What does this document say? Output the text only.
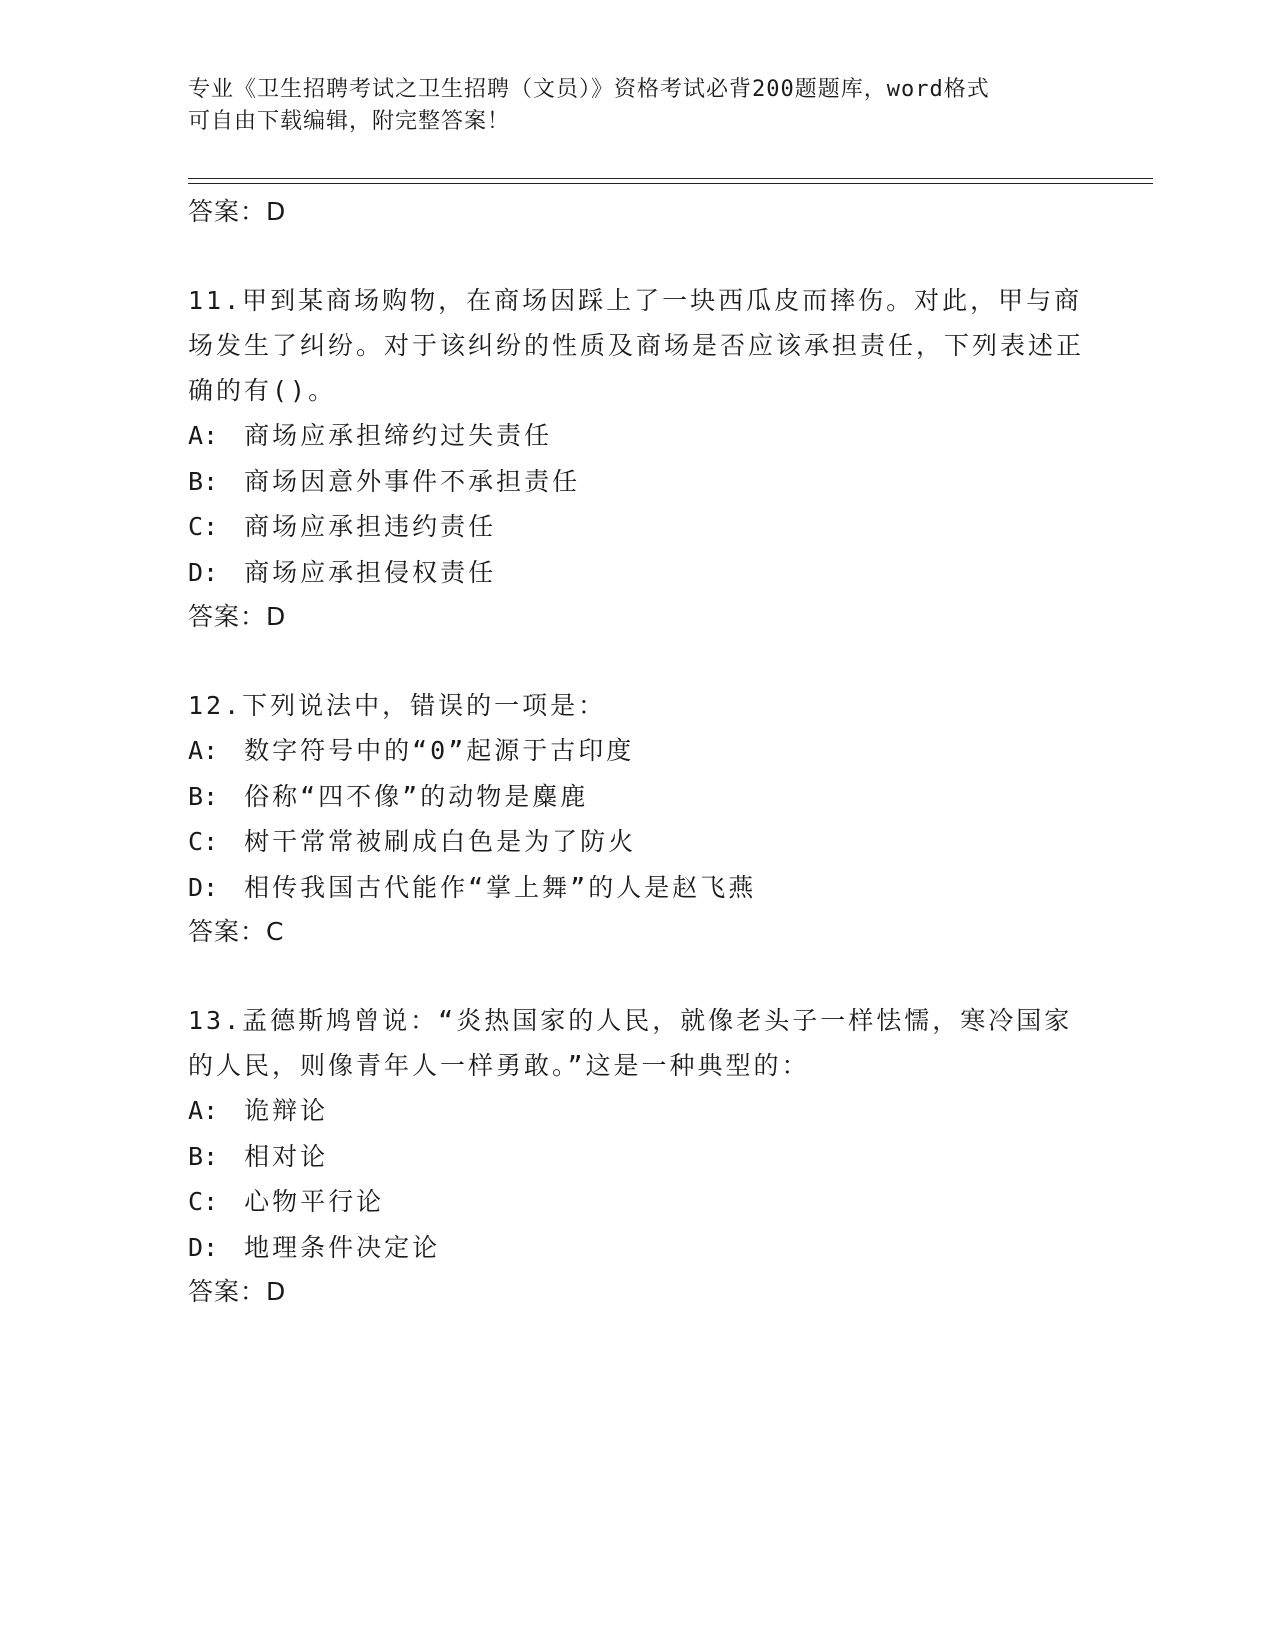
专业《卫生招聘考试之卫生招聘（文员）》资格考试必背200题题库，word格式
可自由下载编辑，附完整答案！

答案：D

11.甲到某商场购物，在商场因踩上了一块西瓜皮而摔伤。对此，甲与商场发生了纠纷。对于该纠纷的性质及商场是否应该承担责任，下列表述正确的有()。

A: 商场应承担缔约过失责任

B: 商场因意外事件不承担责任

C: 商场应承担违约责任

D: 商场应承担侵权责任

答案：D

12.下列说法中，错误的一项是：

A: 数字符号中的“0”起源于古印度

B: 俗称“四不像”的动物是麋鹿

C: 树干常常被刷成白色是为了防火

D: 相传我国古代能作“掌上舞”的人是赵飞燕

答案：C

13.孟德斯鸠曾说：“炎热国家的人民，就像老头子一样怯懦，寒冷国家的人民，则像青年人一样勇敢。”这是一种典型的：

A: 诡辩论

B: 相对论

C: 心物平行论

D: 地理条件决定论

答案：D
